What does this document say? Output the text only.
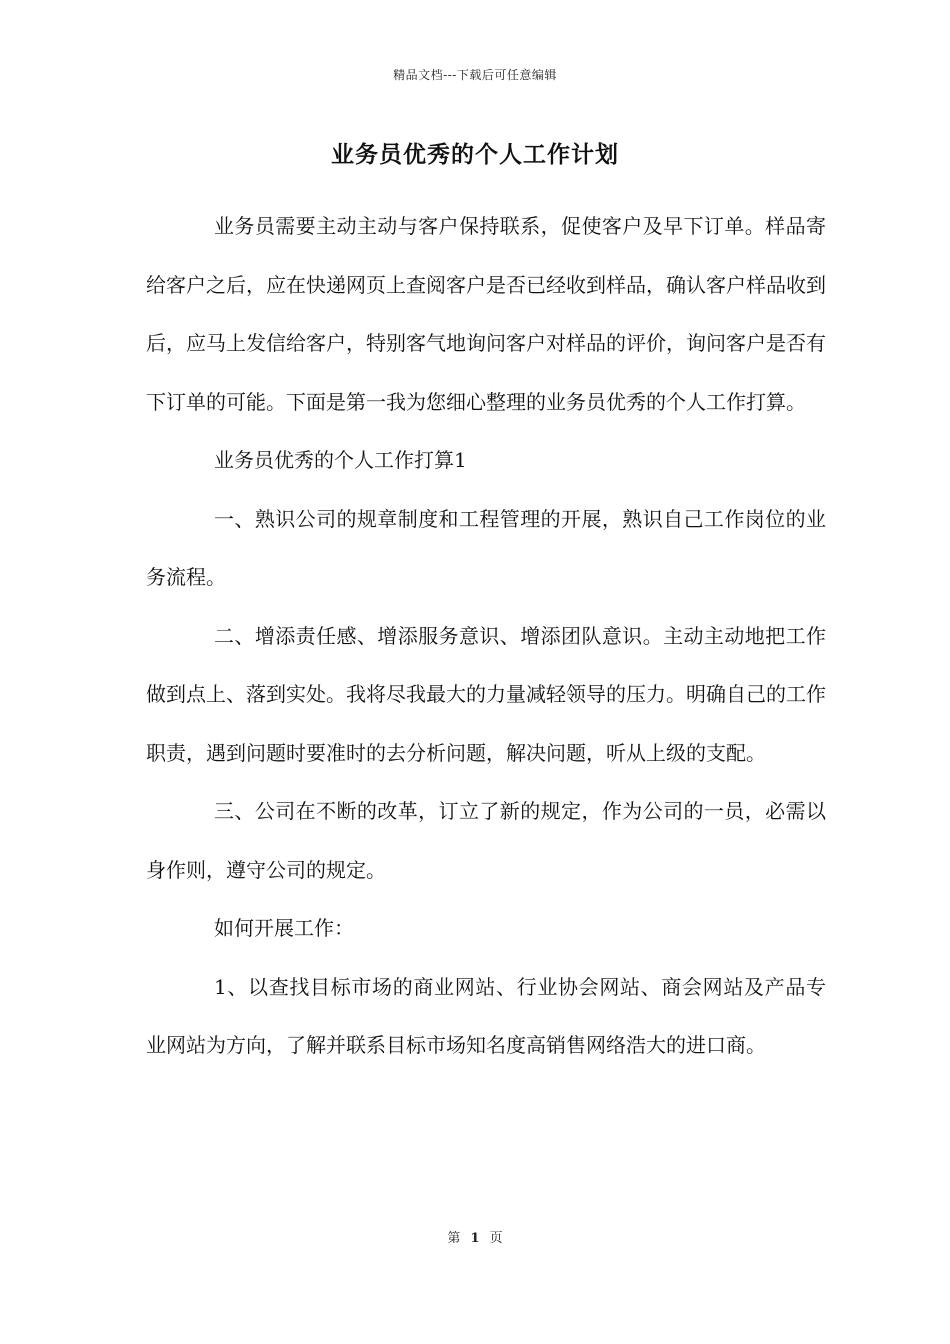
精品文档---下载后可任意编辑
业务员优秀的个人工作计划

业务员需要主动主动与客户保持联系，促使客户及早下订单。样品寄给客户之后，应在快递网页上查阅客户是否已经收到样品，确认客户样品收到后，应马上发信给客户，特别客气地询问客户对样品的评价，询问客户是否有下订单的可能。下面是第一我为您细心整理的业务员优秀的个人工作打算。

业务员优秀的个人工作打算1

一、熟识公司的规章制度和工程管理的开展，熟识自己工作岗位的业务流程。

二、增添责任感、增添服务意识、增添团队意识。主动主动地把工作做到点上、落到实处。我将尽我最大的力量减轻领导的压力。明确自己的工作职责，遇到问题时要准时的去分析问题，解决问题，听从上级的支配。

三、公司在不断的改革，订立了新的规定，作为公司的一员，必需以身作则，遵守公司的规定。

如何开展工作：

1、以查找目标市场的商业网站、行业协会网站、商会网站及产品专业网站为方向，了解并联系目标市场知名度高销售网络浩大的进口商。

第 1 页
